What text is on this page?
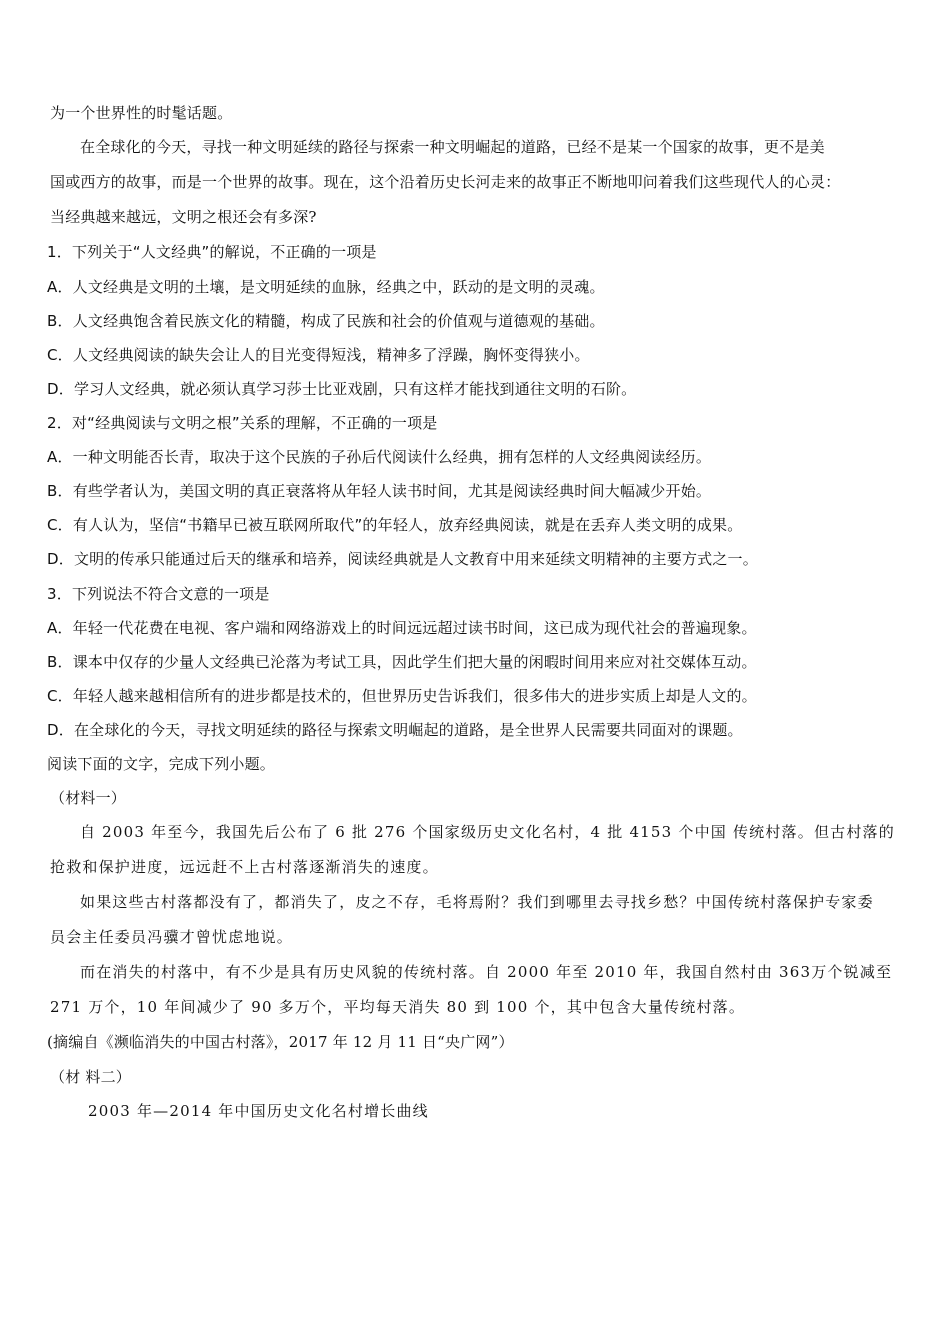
为一个世界性的时髦话题。
在全球化的今天，寻找一种文明延续的路径与探索一种文明崛起的道路，已经不是某一个国家的故事，更不是美
国或西方的故事，而是一个世界的故事。现在，这个沿着历史长河走来的故事正不断地叩问着我们这些现代人的心灵：
当经典越来越远，文明之根还会有多深?
1．下列关于“人文经典”的解说，不正确的一项是
A．人文经典是文明的土壤，是文明延续的血脉，经典之中，跃动的是文明的灵魂。
B．人文经典饱含着民族文化的精髓，构成了民族和社会的价值观与道德观的基础。
C．人文经典阅读的缺失会让人的目光变得短浅，精神多了浮躁，胸怀变得狭小。
D．学习人文经典，就必须认真学习莎士比亚戏剧，只有这样才能找到通往文明的石阶。
2．对“经典阅读与文明之根”关系的理解，不正确的一项是
A．一种文明能否长青，取决于这个民族的子孙后代阅读什么经典，拥有怎样的人文经典阅读经历。
B．有些学者认为，美国文明的真正衰落将从年轻人读书时间，尤其是阅读经典时间大幅减少开始。
C．有人认为，坚信“书籍早已被互联网所取代”的年轻人，放弃经典阅读，就是在丢弃人类文明的成果。
D．文明的传承只能通过后天的继承和培养，阅读经典就是人文教育中用来延续文明精神的主要方式之一。
3．下列说法不符合文意的一项是
A．年轻一代花费在电视、客户端和网络游戏上的时间远远超过读书时间，这已成为现代社会的普遍现象。
B．课本中仅存的少量人文经典已沦落为考试工具，因此学生们把大量的闲暇时间用来应对社交媒体互动。
C．年轻人越来越相信所有的进步都是技术的，但世界历史告诉我们，很多伟大的进步实质上却是人文的。
D．在全球化的今天，寻找文明延续的路径与探索文明崛起的道路，是全世界人民需要共同面对的课题。
阅读下面的文字，完成下列小题。
（材料一）
自 2003 年至今，我国先后公布了 6 批 276 个国家级历史文化名村，4 批 4153 个中国 传统村落。但古村落的
抢救和保护进度，远远赶不上古村落逐渐消失的速度。
如果这些古村落都没有了，都消失了，皮之不存，毛将焉附？我们到哪里去寻找乡愁？中国传统村落保护专家委
员会主任委员冯骥才曾忧虑地说。
而在消失的村落中，有不少是具有历史风貌的传统村落。自 2000 年至 2010 年，我国自然村由 363万个锐减至
271 万个，10 年间减少了 90 多万个，平均每天消失 80 到 100 个，其中包含大量传统村落。
(摘编自《濒临消失的中国古村落》，2017 年 12 月 11 日“央广网”）
（材 料二）
2003 年—2014 年中国历史文化名村增长曲线
